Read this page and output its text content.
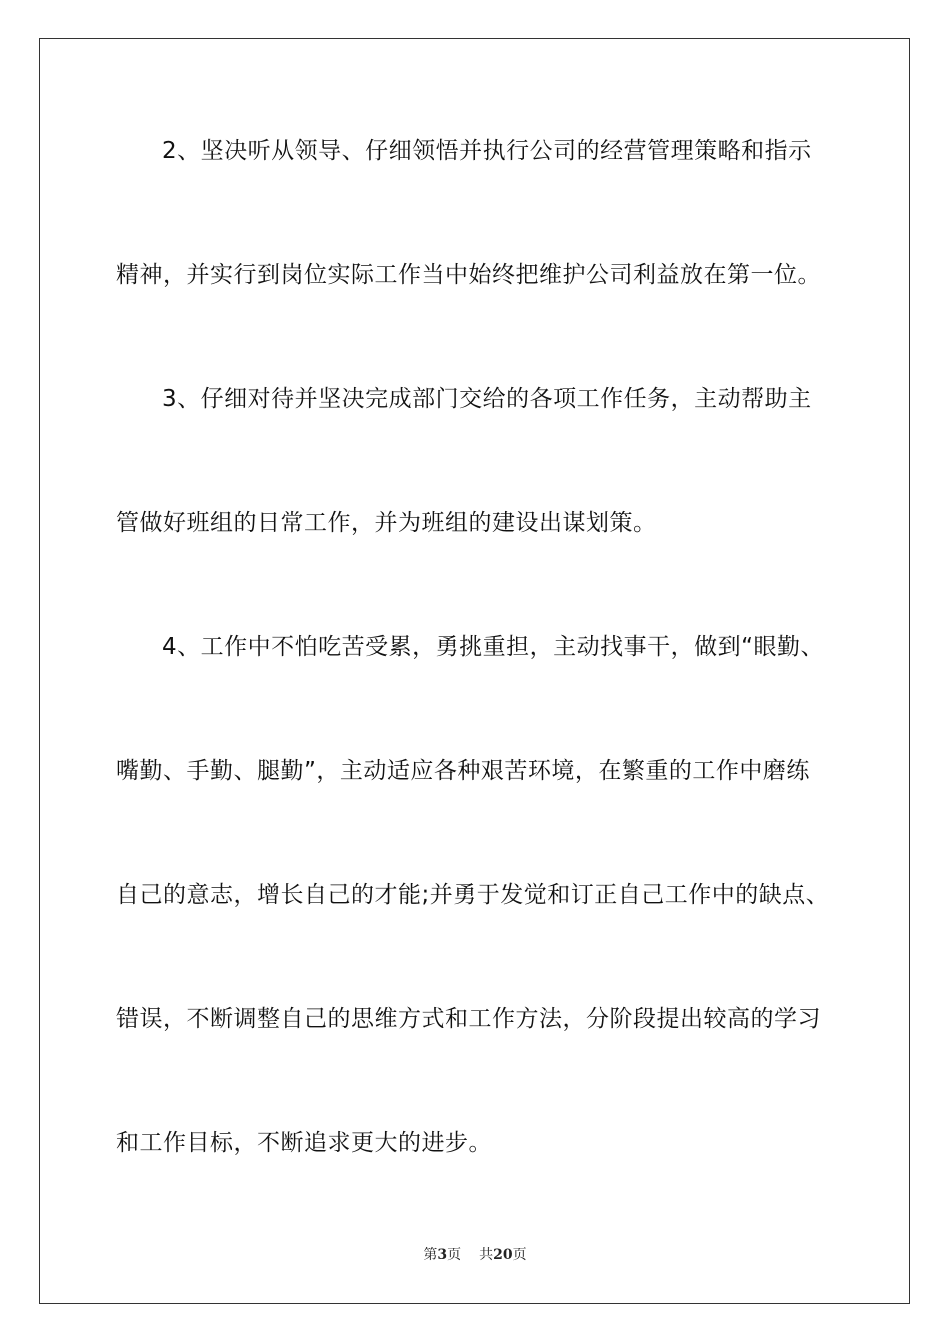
2、坚决听从领导、仔细领悟并执行公司的经营管理策略和指示
精神，并实行到岗位实际工作当中始终把维护公司利益放在第一位。
3、仔细对待并坚决完成部门交给的各项工作任务，主动帮助主
管做好班组的日常工作，并为班组的建设出谋划策。
4、工作中不怕吃苦受累，勇挑重担，主动找事干，做到“眼勤、
嘴勤、手勤、腿勤”，主动适应各种艰苦环境，在繁重的工作中磨练
自己的意志，增长自己的才能;并勇于发觉和订正自己工作中的缺点、
错误，不断调整自己的思维方式和工作方法，分阶段提出较高的学习
和工作目标，不断追求更大的进步。
第3页 共20页
